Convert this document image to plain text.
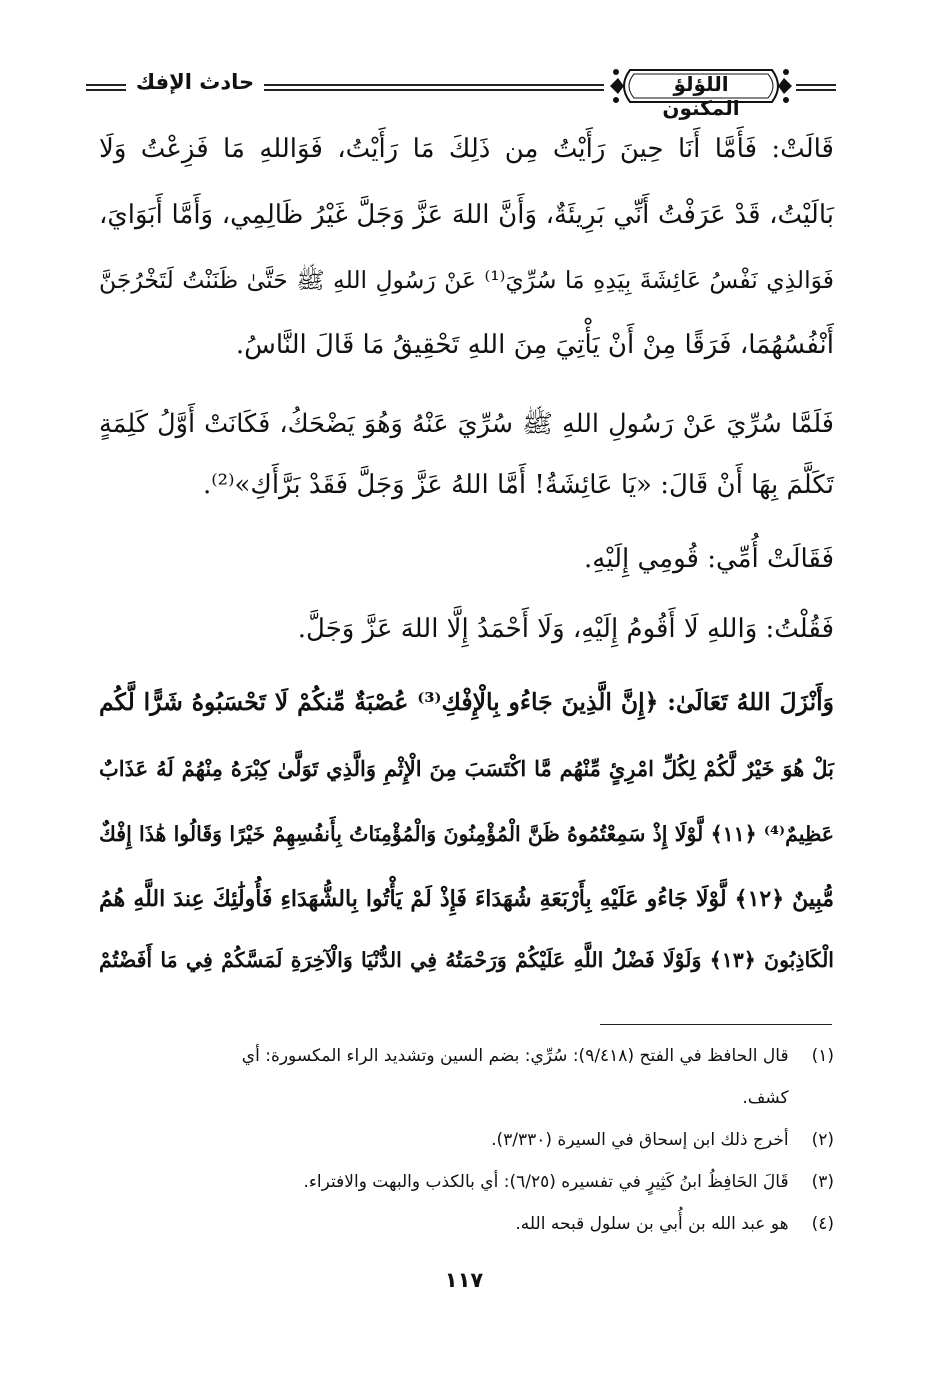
حادث الإفك	اللؤلؤ المكنون
قَالَتْ: فَأَمَّا أَنَا حِينَ رَأَيْتُ مِن ذَلِكَ مَا رَأَيْتُ، فَوَاللهِ مَا فَزِعْتُ وَلَا
بَالَيْتُ، قَدْ عَرَفْتُ أَنِّي بَرِيئَةٌ، وَأَنَّ اللهَ عَزَّ وَجَلَّ غَيْرُ ظَالِمِي، وَأَمَّا أَبَوَايَ،
فَوَالذِي نَفْسُ عَائِشَةَ بِيَدِهِ مَا سُرِّيَ⁽¹⁾ عَنْ رَسُولِ اللهِ ﷺ حَتَّىٰ ظَنَنْتُ لَتَخْرُجَنَّ
أَنْفُسُهُمَا، فَرَقًا مِنْ أَنْ يَأْتِيَ مِنَ اللهِ تَحْقِيقُ مَا قَالَ النَّاسُ.
فَلَمَّا سُرِّيَ عَنْ رَسُولِ اللهِ ﷺ سُرِّيَ عَنْهُ وَهُوَ يَضْحَكُ، فَكَانَتْ أَوَّلُ كَلِمَةٍ
تَكَلَّمَ بِهَا أَنْ قَالَ: «يَا عَائِشَةُ! أَمَّا اللهُ عَزَّ وَجَلَّ فَقَدْ بَرَّأَكِ»⁽²⁾.
فَقَالَتْ أُمِّي: قُومِي إِلَيْهِ.
فَقُلْتُ: وَاللهِ لَا أَقُومُ إِلَيْهِ، وَلَا أَحْمَدُ إِلَّا اللهَ عَزَّ وَجَلَّ.
وَأَنْزَلَ اللهُ تَعَالَىٰ: ﴿إِنَّ الَّذِينَ جَاءُو بِالْإِفْكِ⁽³⁾ عُصْبَةٌ مِّنكُمْ لَا تَحْسَبُوهُ شَرًّا لَّكُم
بَلْ هُوَ خَيْرٌ لَّكُمْ لِكُلِّ امْرِئٍ مِّنْهُم مَّا اكْتَسَبَ مِنَ الْإِثْمِ وَالَّذِي تَوَلَّىٰ كِبْرَهُ مِنْهُمْ لَهُ عَذَابٌ
عَظِيمٌ⁽⁴⁾ ﴿١١﴾ لَّوْلَا إِذْ سَمِعْتُمُوهُ ظَنَّ الْمُؤْمِنُونَ وَالْمُؤْمِنَاتُ بِأَنفُسِهِمْ خَيْرًا وَقَالُوا هَٰذَا إِفْكٌ
مُّبِينٌ ﴿١٢﴾ لَّوْلَا جَاءُو عَلَيْهِ بِأَرْبَعَةِ شُهَدَاءَ فَإِذْ لَمْ يَأْتُوا بِالشُّهَدَاءِ فَأُولَٰئِكَ عِندَ اللَّهِ هُمُ
الْكَاذِبُونَ ﴿١٣﴾ وَلَوْلَا فَضْلُ اللَّهِ عَلَيْكُمْ وَرَحْمَتُهُ فِي الدُّنْيَا وَالْآخِرَةِ لَمَسَّكُمْ فِي مَا أَفَضْتُمْ
(١) قال الحافظ في الفتح (٩/٤١٨): سُرِّي: بضم السين وتشديد الراء المكسورة: أي
كشف.
(٢) أخرج ذلك ابن إسحاق في السيرة (٣/٣٣٠).
(٣) قَالَ الحَافِظُ ابنُ كَثِيرٍ في تفسيره (٦/٢٥): أي بالكذب والبهت والافتراء.
(٤) هو عبد الله بن أُبي بن سلول قبحه الله.
١١٧
